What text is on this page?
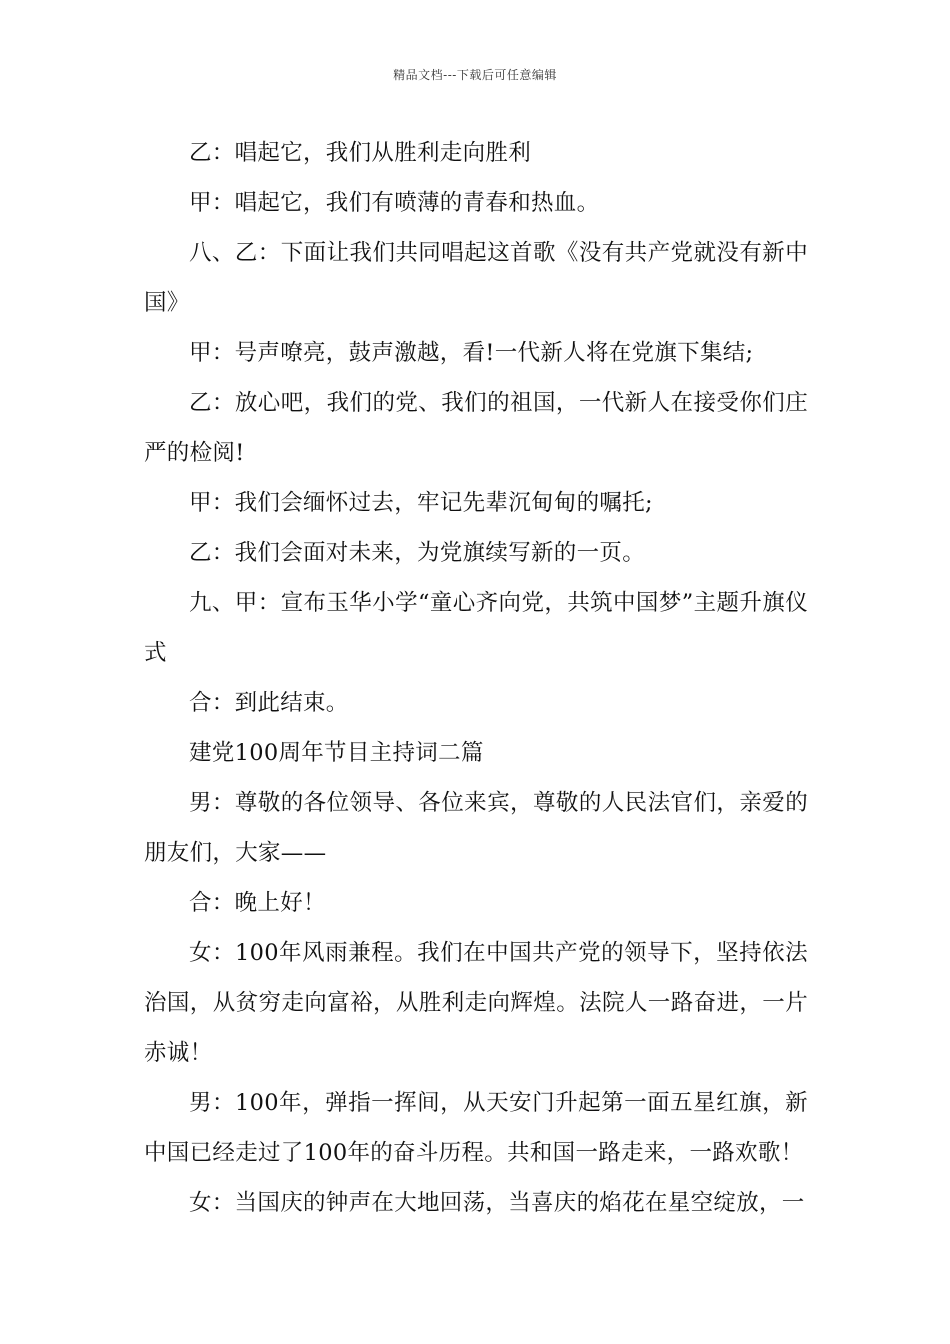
精品文档---下载后可任意编辑

乙：唱起它，我们从胜利走向胜利

甲：唱起它，我们有喷薄的青春和热血。

八、乙：下面让我们共同唱起这首歌《没有共产党就没有新中国》

甲：号声嘹亮，鼓声激越，看!一代新人将在党旗下集结;

乙：放心吧，我们的党、我们的祖国，一代新人在接受你们庄严的检阅!

甲：我们会缅怀过去，牢记先辈沉甸甸的嘱托;

乙：我们会面对未来，为党旗续写新的一页。

九、甲：宣布玉华小学“童心齐向党，共筑中国梦”主题升旗仪式

合：到此结束。

建党100周年节目主持词二篇

男：尊敬的各位领导、各位来宾，尊敬的人民法官们，亲爱的朋友们，大家——

合：晚上好！

女：100年风雨兼程。我们在中国共产党的领导下，坚持依法治国，从贫穷走向富裕，从胜利走向辉煌。法院人一路奋进，一片赤诚！

男：100年，弹指一挥间，从天安门升起第一面五星红旗，新中国已经走过了100年的奋斗历程。共和国一路走来，一路欢歌！

女：当国庆的钟声在大地回荡，当喜庆的焰花在星空绽放，一
